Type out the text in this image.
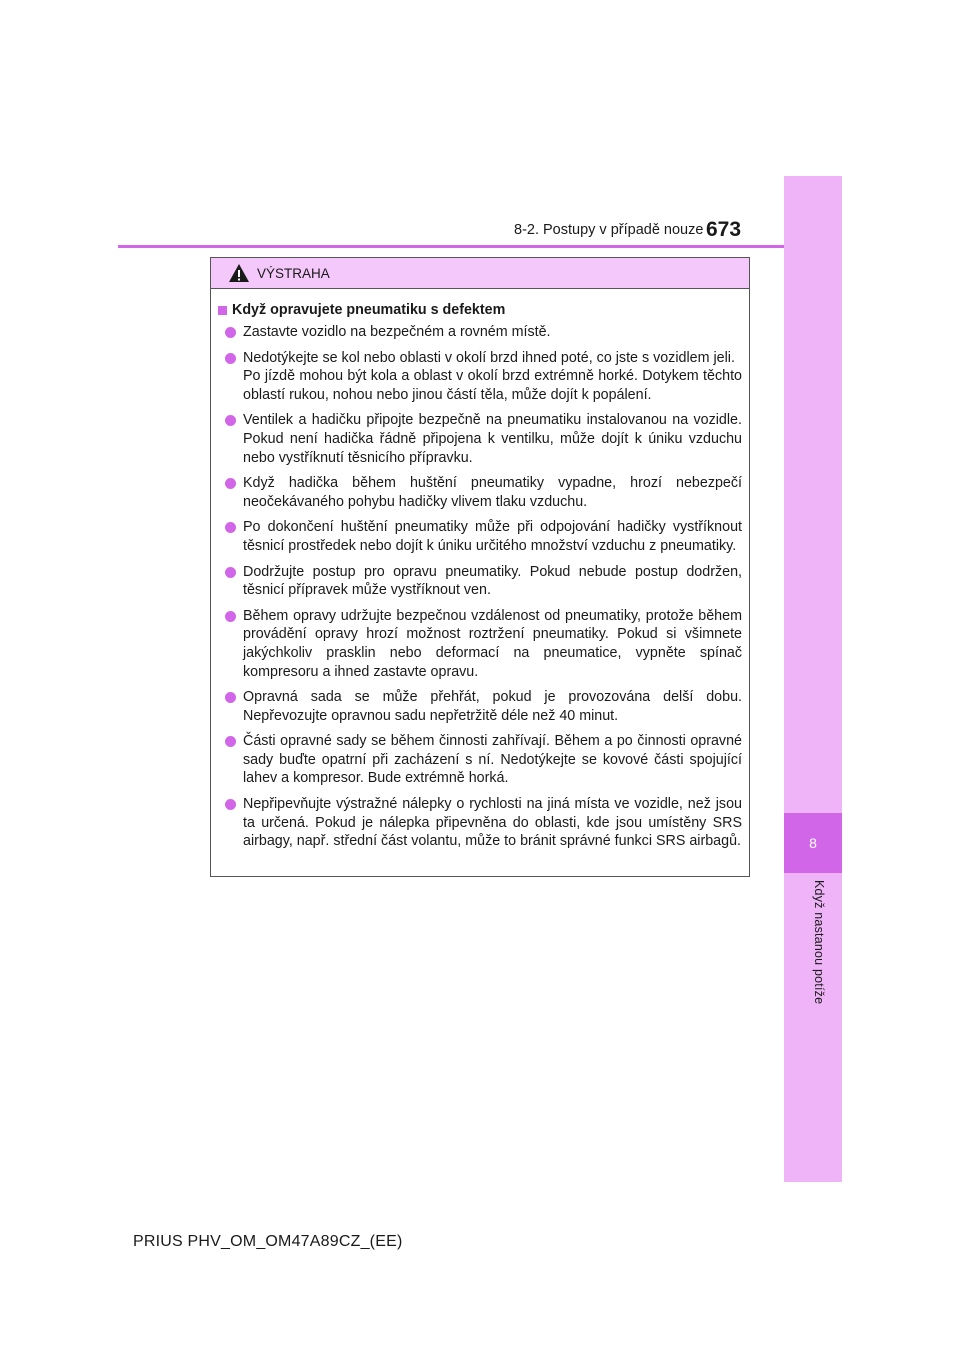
8
Když nastanou potíže
8-2. Postupy v případě nouze 673
VÝSTRAHA
Když opravujete pneumatiku s defektem

Zastavte vozidlo na bezpečném a rovném místě.

Nedotýkejte se kol nebo oblasti v okolí brzd ihned poté, co jste s vozidlem jeli.

Po jízdě mohou být kola a oblast v okolí brzd extrémně horké. Dotykem těchto oblastí rukou, nohou nebo jinou částí těla, může dojít k popálení.

Ventilek a hadičku připojte bezpečně na pneumatiku instalovanou na vozidle. Pokud není hadička řádně připojena k ventilku, může dojít k úniku vzduchu nebo vystříknutí těsnicího přípravku.

Když hadička během huštění pneumatiky vypadne, hrozí nebezpečí neočekávaného pohybu hadičky vlivem tlaku vzduchu.

Po dokončení huštění pneumatiky může při odpojování hadičky vystříknout těsnicí prostředek nebo dojít k úniku určitého množství vzduchu z pneumatiky.

Dodržujte postup pro opravu pneumatiky. Pokud nebude postup dodržen, těsnicí přípravek může vystříknout ven.

Během opravy udržujte bezpečnou vzdálenost od pneumatiky, protože během provádění opravy hrozí možnost roztržení pneumatiky. Pokud si všimnete jakýchkoliv prasklin nebo deformací na pneumatice, vypněte spínač kompresoru a ihned zastavte opravu.

Opravná sada se může přehřát, pokud je provozována delší dobu. Nepřevozujte opravnou sadu nepřetržitě déle než 40 minut.

Části opravné sady se během činnosti zahřívají. Během a po činnosti opravné sady buďte opatrní při zacházení s ní. Nedotýkejte se kovové části spojující lahev a kompresor. Bude extrémně horká.

Nepřipevňujte výstražné nálepky o rychlosti na jiná místa ve vozidle, než jsou ta určená. Pokud je nálepka připevněna do oblasti, kde jsou umístěny SRS airbagy, např. střední část volantu, může to bránit správné funkci SRS airbagů.

PRIUS PHV_OM_OM47A89CZ_(EE)
